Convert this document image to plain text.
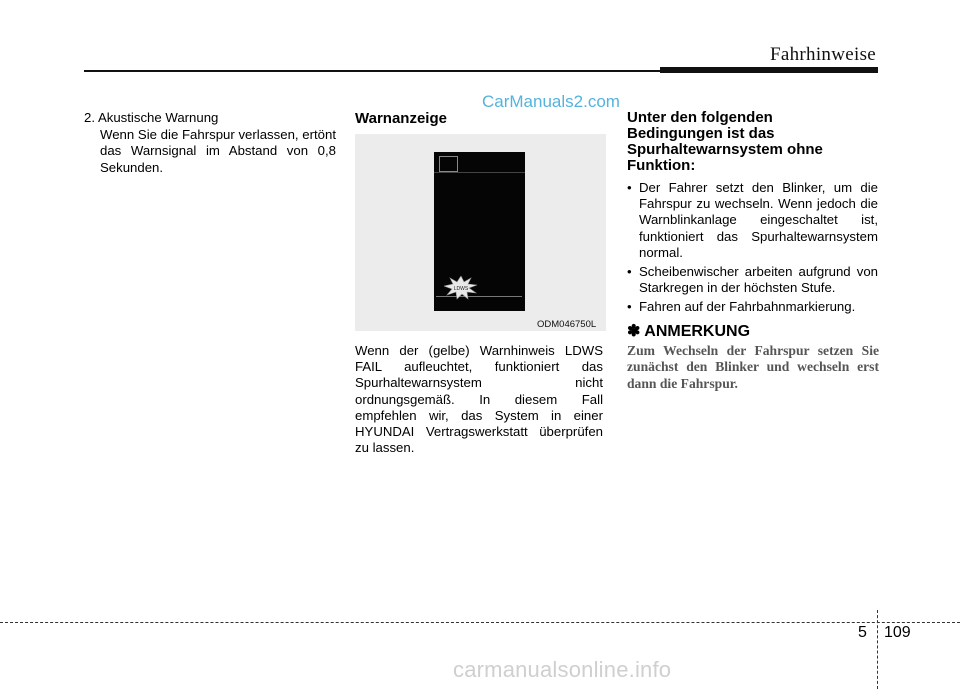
Fahrhinweise
CarManuals2.com
2. Akustische Warnung
Wenn Sie die Fahrspur verlassen, ertönt das Warnsignal im Abstand von 0,8 Sekunden.
Warnanzeige
LDWS
ODM046750L
Wenn der (gelbe) Warnhinweis LDWS FAIL aufleuchtet, funktioniert das Spurhaltewarnsystem nicht ordnungsgemäß. In diesem Fall empfehlen wir, das System in einer HYUNDAI Vertragswerkstatt überprüfen zu lassen.
Unter den folgenden Bedingungen ist das Spurhaltewarnsystem ohne Funktion:
• Der Fahrer setzt den Blinker, um die Fahrspur zu wechseln. Wenn jedoch die Warnblinkanlage eingeschaltet ist, funktioniert das Spurhaltewarnsystem normal.
• Scheibenwischer arbeiten aufgrund von Starkregen in der höchsten Stufe.
• Fahren auf der Fahrbahnmarkierung.
✽ ANMERKUNG
Zum Wechseln der Fahrspur setzen Sie zunächst den Blinker und wechseln erst dann die Fahrspur.
5 109
carmanualsonline.info
